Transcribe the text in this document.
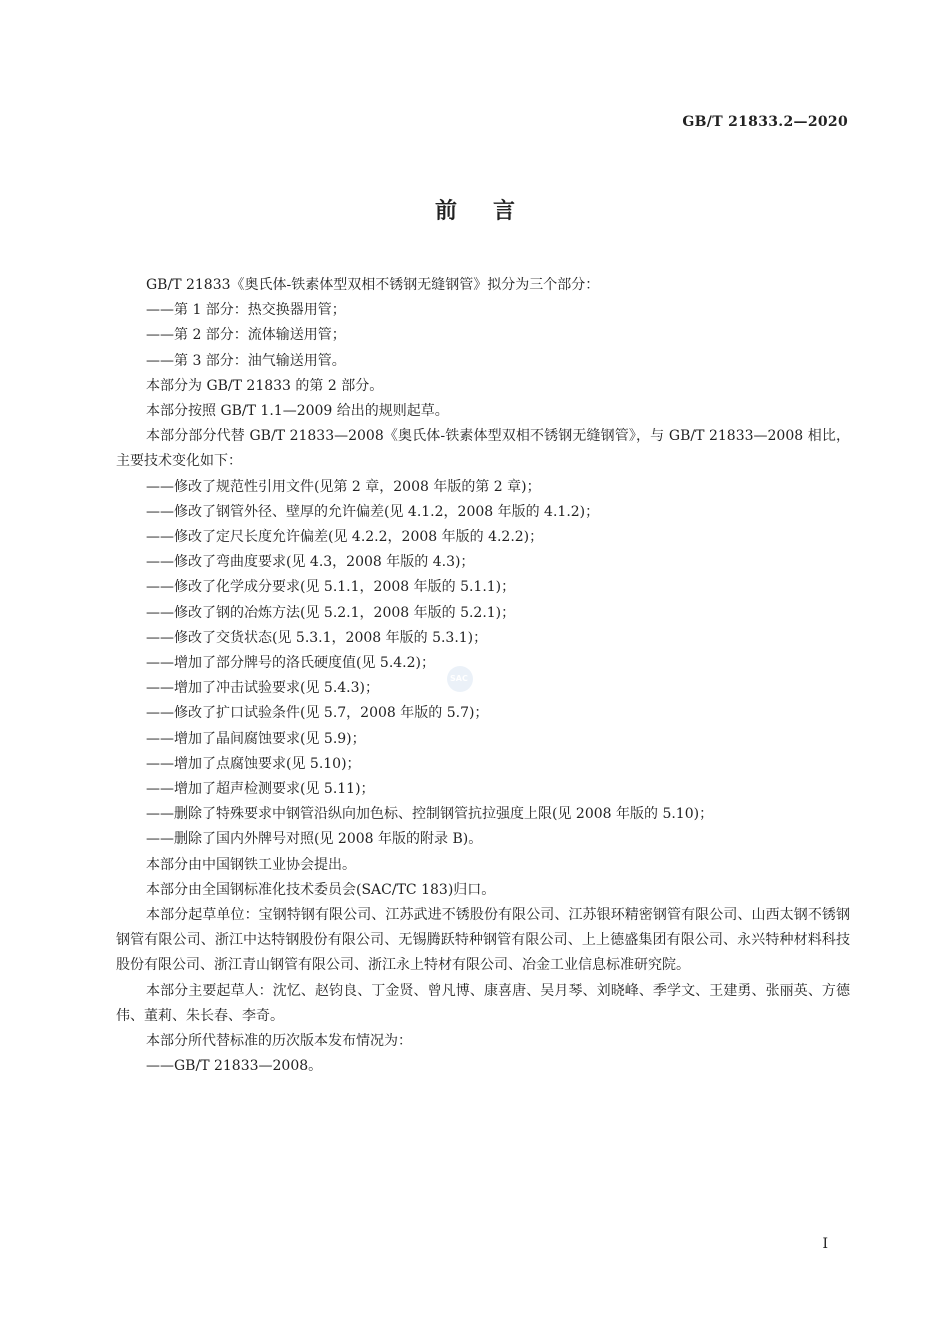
GB/T 21833.2—2020
前言

GB/T 21833《奥氏体-铁素体型双相不锈钢无缝钢管》拟分为三个部分：

——第 1 部分：热交换器用管；

——第 2 部分：流体输送用管；

——第 3 部分：油气输送用管。

本部分为 GB/T 21833 的第 2 部分。

本部分按照 GB/T 1.1—2009 给出的规则起草。

本部分部分代替 GB/T 21833—2008《奥氏体-铁素体型双相不锈钢无缝钢管》，与 GB/T 21833—2008 相比，主要技术变化如下：

——修改了规范性引用文件(见第 2 章，2008 年版的第 2 章)；

——修改了钢管外径、壁厚的允许偏差(见 4.1.2，2008 年版的 4.1.2)；

——修改了定尺长度允许偏差(见 4.2.2，2008 年版的 4.2.2)；

——修改了弯曲度要求(见 4.3，2008 年版的 4.3)；

——修改了化学成分要求(见 5.1.1，2008 年版的 5.1.1)；

——修改了钢的冶炼方法(见 5.2.1，2008 年版的 5.2.1)；

——修改了交货状态(见 5.3.1，2008 年版的 5.3.1)；

——增加了部分牌号的洛氏硬度值(见 5.4.2)；

——增加了冲击试验要求(见 5.4.3)；

——修改了扩口试验条件(见 5.7，2008 年版的 5.7)；

——增加了晶间腐蚀要求(见 5.9)；

——增加了点腐蚀要求(见 5.10)；

——增加了超声检测要求(见 5.11)；

——删除了特殊要求中钢管沿纵向加色标、控制钢管抗拉强度上限(见 2008 年版的 5.10)；

——删除了国内外牌号对照(见 2008 年版的附录 B)。

本部分由中国钢铁工业协会提出。

本部分由全国钢标准化技术委员会(SAC/TC 183)归口。

本部分起草单位：宝钢特钢有限公司、江苏武进不锈股份有限公司、江苏银环精密钢管有限公司、山西太钢不锈钢钢管有限公司、浙江中达特钢股份有限公司、无锡腾跃特种钢管有限公司、上上德盛集团有限公司、永兴特种材料科技股份有限公司、浙江青山钢管有限公司、浙江永上特材有限公司、冶金工业信息标准研究院。

本部分主要起草人：沈忆、赵钧良、丁金贤、曾凡博、康喜唐、吴月琴、刘晓峰、季学文、王建勇、张丽英、方德伟、董莉、朱长春、李奇。

本部分所代替标准的历次版本发布情况为：

——GB/T 21833—2008。

SAC
I
